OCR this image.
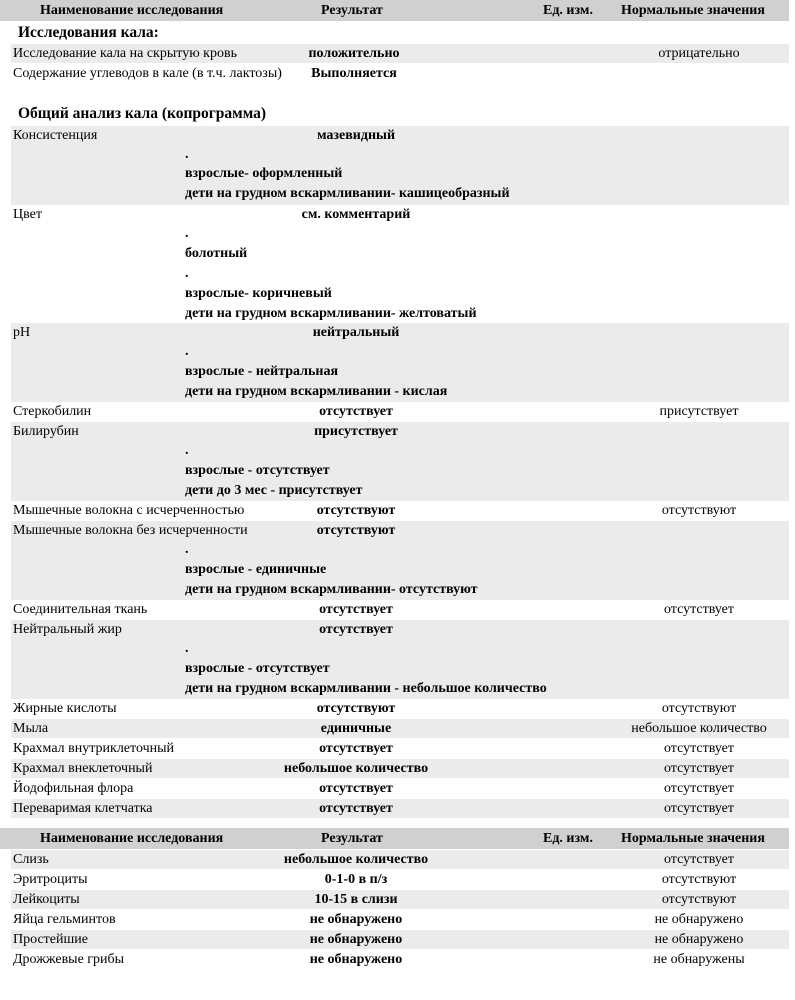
Наименование исследования	Результат	Ед. изм. Нормальные значения
Исследования кала:
Исследование кала на скрытую кровь	положительно	отрицательно
Содержание углеводов в кале (в т.ч. лактозы)	Выполняется
Общий анализ кала (копрограмма)
Консистенция	мазевидный
.
взрослые- оформленный
дети на грудном вскармливании- кашицеобразный
Цвет	см. комментарий
.
болотный
.
взрослые- коричневый
дети на грудном вскармливании- желтоватый
pH	нейтральный
.
взрослые - нейтральная
дети на грудном вскармливании - кислая
Стеркобилин	отсутствует	присутствует
Билирубин	присутствует
.
взрослые - отсутствует
дети до 3 мес - присутствует
Мышечные волокна с исчерченностью	отсутствуют	отсутствуют
Мышечные волокна без исчерченности	отсутствуют
.
взрослые - единичные
дети на грудном вскармливании- отсутствуют
Соединительная ткань	отсутствует	отсутствует
Нейтральный жир	отсутствует
.
взрослые - отсутствует
дети на грудном вскармливании - небольшое количество
Жирные кислоты	отсутствуют	отсутствуют
Мыла	единичные	небольшое количество
Крахмал внутриклеточный	отсутствует	отсутствует
Крахмал внеклеточный	небольшое количество	отсутствует
Йодофильная флора	отсутствует	отсутствует
Переваримая клетчатка	отсутствует	отсутствует
Наименование исследования	Результат	Ед. изм. Нормальные значения
Слизь	небольшое количество	отсутствует
Эритроциты	0-1-0 в п/з	отсутствуют
Лейкоциты	10-15 в слизи	отсутствуют
Яйца гельминтов	не обнаружено	не обнаружено
Простейшие	не обнаружено	не обнаружено
Дрожжевые грибы	не обнаружено	не обнаружены
